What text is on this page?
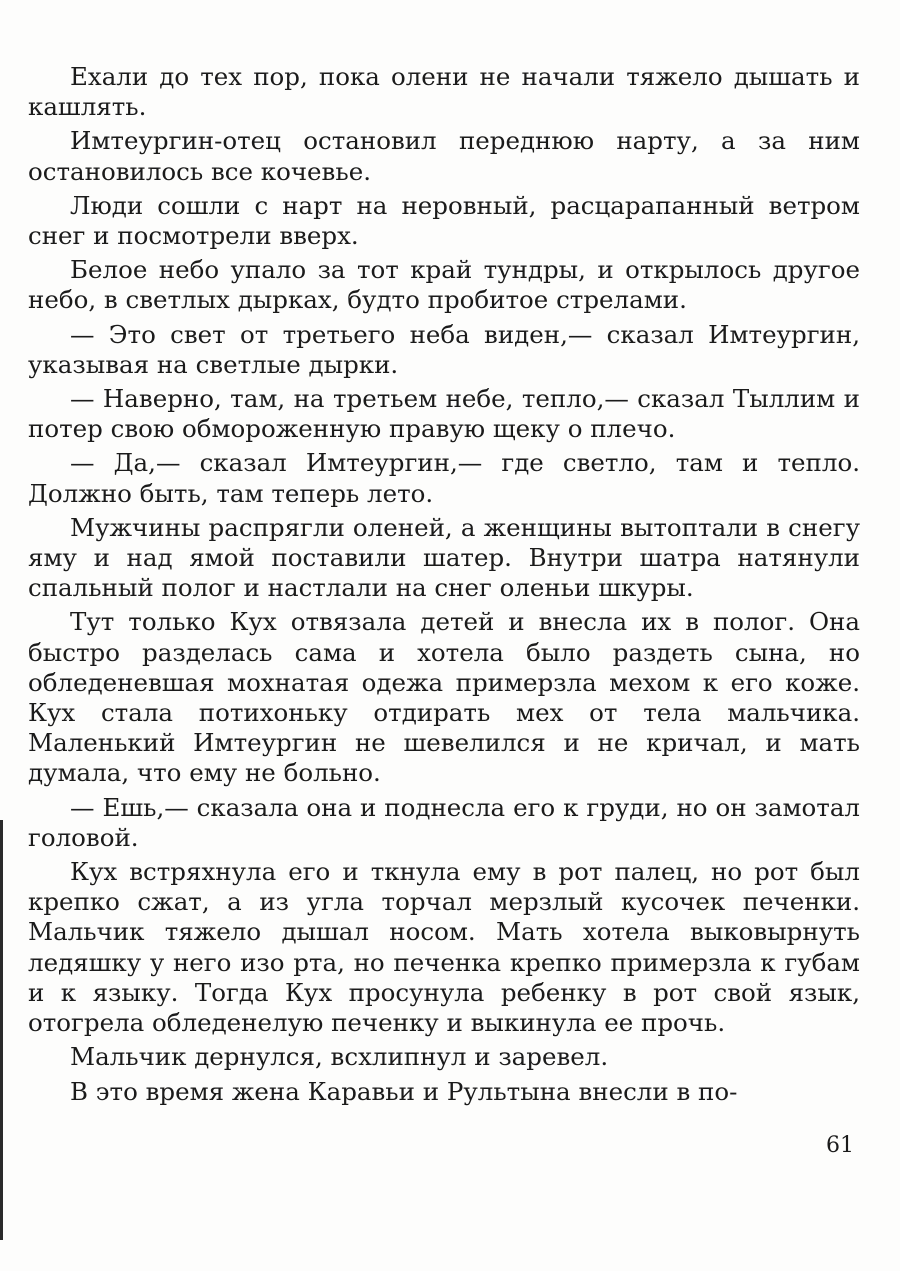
Ехали до тех пор, пока олени не начали тяжело дышать и кашлять.

Имтеургин-отец остановил переднюю нарту, а за ним остановилось все кочевье.

Люди сошли с нарт на неровный, расцарапанный ветром снег и посмотрели вверх.

Белое небо упало за тот край тундры, и открылось другое небо, в светлых дырках, будто пробитое стрелами.

— Это свет от третьего неба виден,— сказал Имтеургин, указывая на светлые дырки.

— Наверно, там, на третьем небе, тепло,— сказал Тыллим и потер свою обмороженную правую щеку о плечо.

— Да,— сказал Имтеургин,— где светло, там и тепло. Должно быть, там теперь лето.

Мужчины распрягли оленей, а женщины вытоптали в снегу яму и над ямой поставили шатер. Внутри шатра натянули спальный полог и настлали на снег оленьи шкуры.

Тут только Кух отвязала детей и внесла их в полог. Она быстро разделась сама и хотела было раздеть сына, но обледеневшая мохнатая одежа примерзла мехом к его коже. Кух стала потихоньку отдирать мех от тела мальчика. Маленький Имтеургин не шевелился и не кричал, и мать думала, что ему не больно.

— Ешь,— сказала она и поднесла его к груди, но он замотал головой.

Кух встряхнула его и ткнула ему в рот палец, но рот был крепко сжат, а из угла торчал мерзлый кусочек печенки. Мальчик тяжело дышал носом. Мать хотела выковырнуть ледяшку у него изо рта, но печенка крепко примерзла к губам и к языку. Тогда Кух просунула ребенку в рот свой язык, отогрела обледенелую печенку и выкинула ее прочь.

Мальчик дернулся, всхлипнул и заревел.

В это время жена Каравьи и Рультына внесли в по-

61
